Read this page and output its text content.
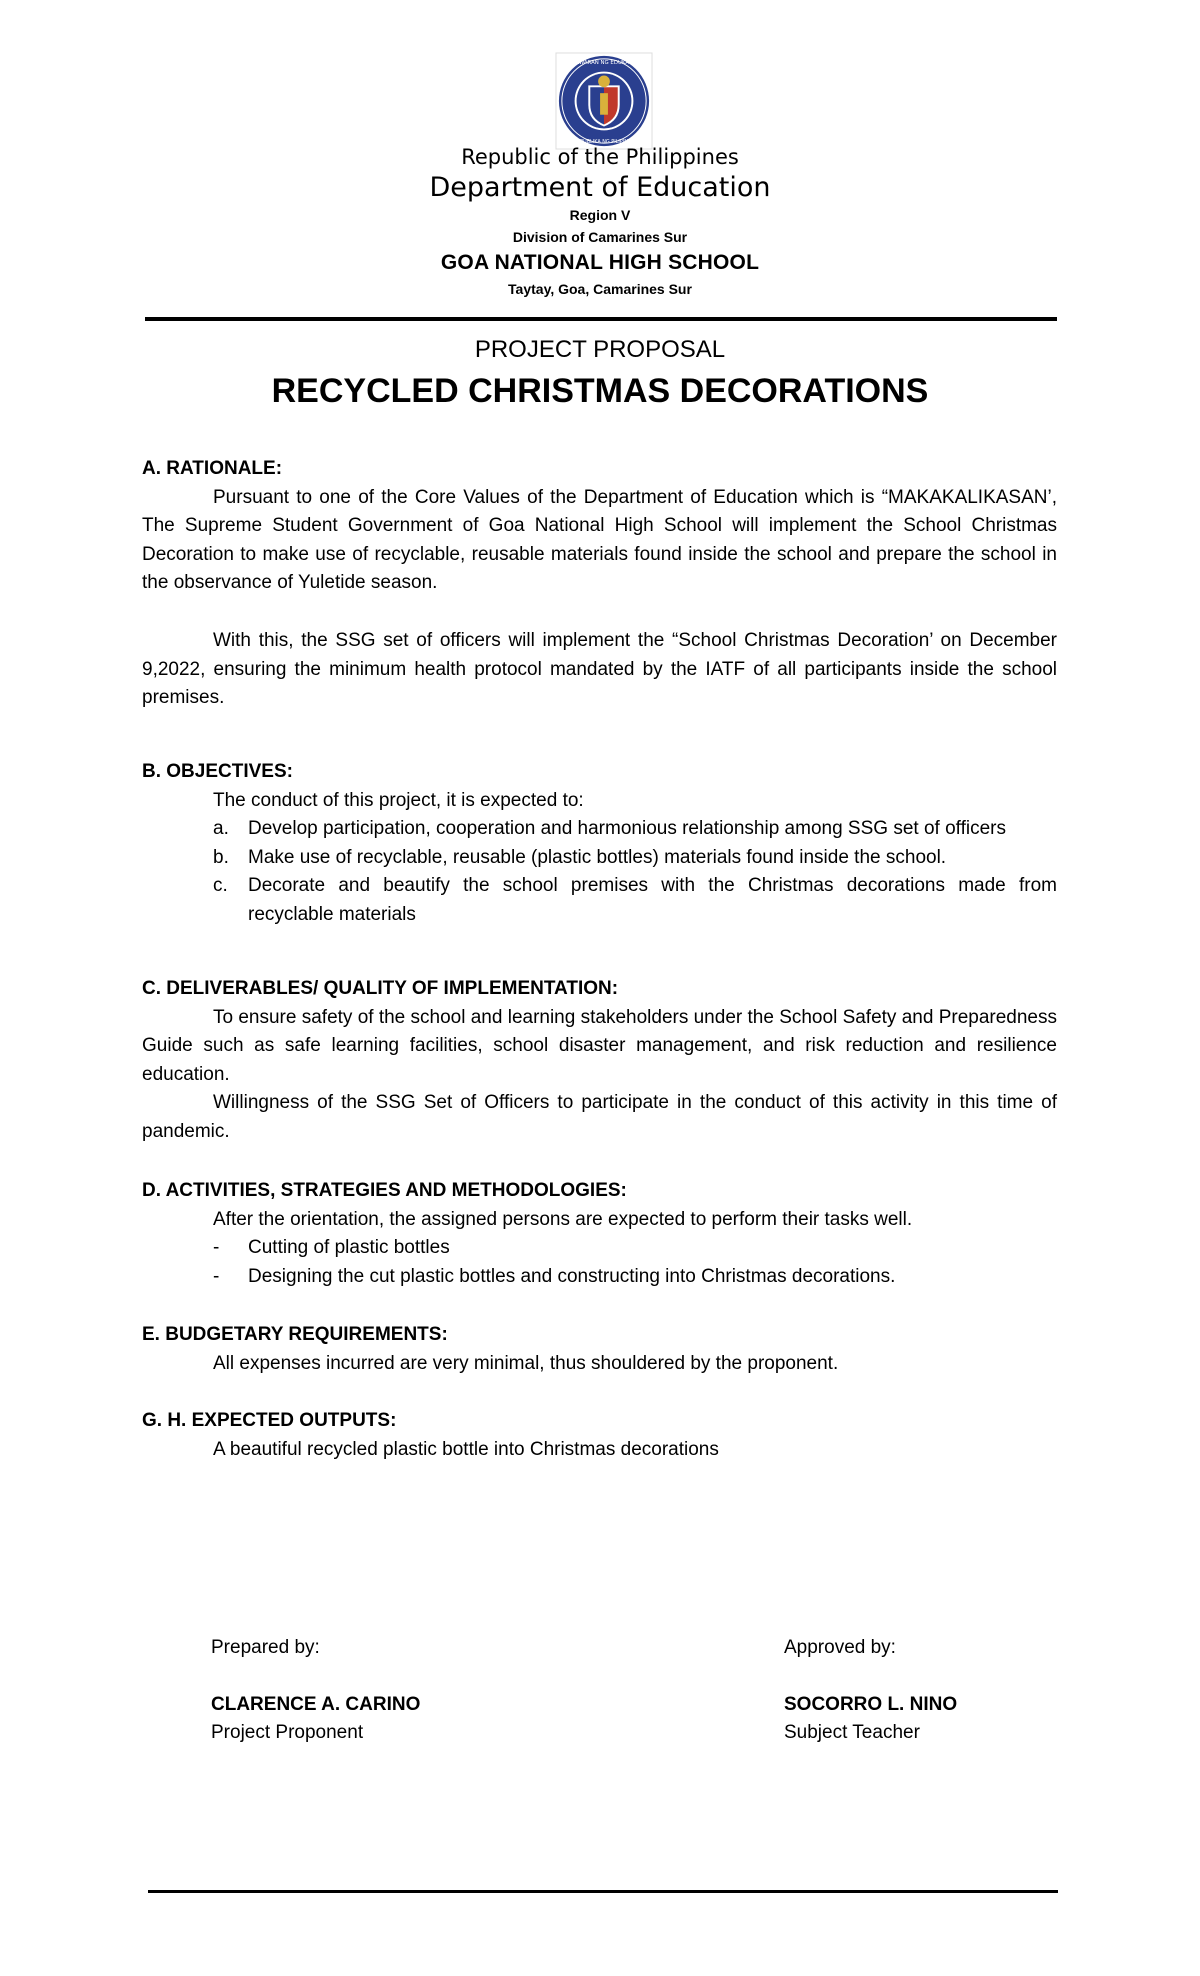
KAGAWARAN NG EDUKASYON
REPUBLIKA NG PILIPINAS
Republic of the Philippines
Department of Education
Region V
Division of Camarines Sur
GOA NATIONAL HIGH SCHOOL
Taytay, Goa, Camarines Sur
PROJECT PROPOSAL
RECYCLED CHRISTMAS DECORATIONS

A. RATIONALE:

Pursuant to one of the Core Values of the Department of Education which is “MAKAKALIKASAN’, The Supreme Student Government of Goa National High School will implement the School Christmas Decoration to make use of recyclable, reusable materials found inside the school and prepare the school in the observance of Yuletide season.

With this, the SSG set of officers will implement the “School Christmas Decoration’ on December 9,2022, ensuring the minimum health protocol mandated by the IATF of all participants inside the school premises.

B. OBJECTIVES:

The conduct of this project, it is expected to:

a. Develop participation, cooperation and harmonious relationship among SSG set of officers
b. Make use of recyclable, reusable (plastic bottles) materials found inside the school.
c. Decorate and beautify the school premises with the Christmas decorations made from recyclable materials

C. DELIVERABLES/ QUALITY OF IMPLEMENTATION:

To ensure safety of the school and learning stakeholders under the School Safety and Preparedness Guide such as safe learning facilities, school disaster management, and risk reduction and resilience education.

Willingness of the SSG Set of Officers to participate in the conduct of this activity in this time of pandemic.

D. ACTIVITIES, STRATEGIES AND METHODOLOGIES:

After the orientation, the assigned persons are expected to perform their tasks well.

- Cutting of plastic bottles
- Designing the cut plastic bottles and constructing into Christmas decorations.

E. BUDGETARY REQUIREMENTS:

All expenses incurred are very minimal, thus shouldered by the proponent.

G. H. EXPECTED OUTPUTS:

A beautiful recycled plastic bottle into Christmas decorations

Prepared by:
CLARENCE A. CARINO
Project Proponent
Approved by:
SOCORRO L. NINO
Subject Teacher
